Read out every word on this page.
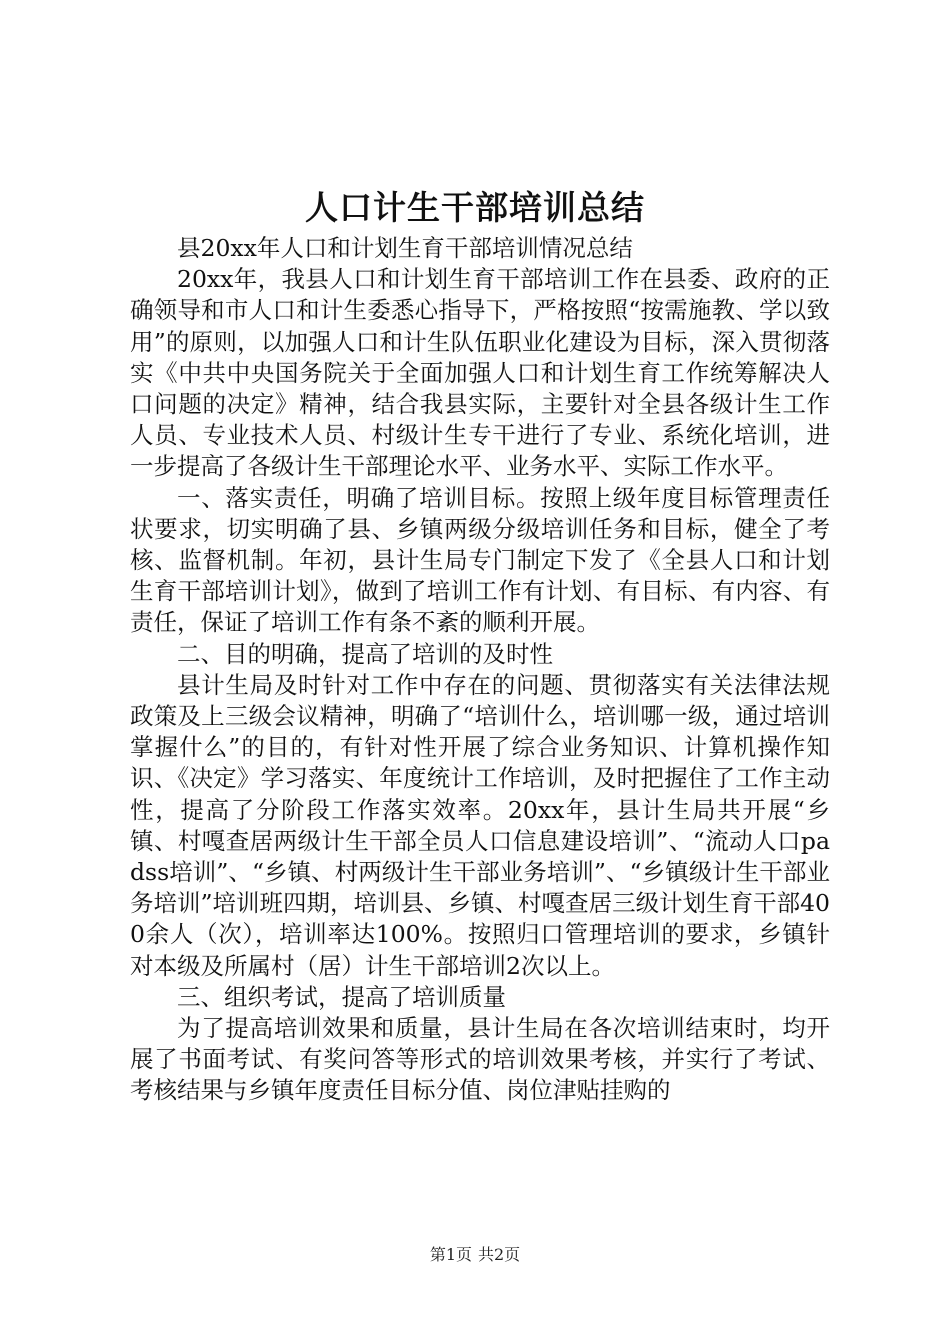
人口计生干部培训总结

县20xx年人口和计划生育干部培训情况总结

20xx年，我县人口和计划生育干部培训工作在县委、政府的正确领导和市人口和计生委悉心指导下，严格按照“按需施教、学以致用”的原则，以加强人口和计生队伍职业化建设为目标，深入贯彻落实《中共中央国务院关于全面加强人口和计划生育工作统筹解决人口问题的决定》精神，结合我县实际，主要针对全县各级计生工作人员、专业技术人员、村级计生专干进行了专业、系统化培训，进一步提高了各级计生干部理论水平、业务水平、实际工作水平。

一、落实责任，明确了培训目标。按照上级年度目标管理责任状要求，切实明确了县、乡镇两级分级培训任务和目标，健全了考核、监督机制。年初，县计生局专门制定下发了《全县人口和计划生育干部培训计划》，做到了培训工作有计划、有目标、有内容、有责任，保证了培训工作有条不紊的顺利开展。

二、目的明确，提高了培训的及时性

县计生局及时针对工作中存在的问题、贯彻落实有关法律法规政策及上三级会议精神，明确了“培训什么，培训哪一级，通过培训掌握什么”的目的，有针对性开展了综合业务知识、计算机操作知识、《决定》学习落实、年度统计工作培训，及时把握住了工作主动性，提高了分阶段工作落实效率。20xx年，县计生局共开展“乡镇、村嘎查居两级计生干部全员人口信息建设培训”、“流动人口padss培训”、“乡镇、村两级计生干部业务培训”、“乡镇级计生干部业务培训”培训班四期，培训县、乡镇、村嘎查居三级计划生育干部400余人（次），培训率达100%。按照归口管理培训的要求，乡镇针对本级及所属村（居）计生干部培训2次以上。

三、组织考试，提高了培训质量

为了提高培训效果和质量，县计生局在各次培训结束时，均开展了书面考试、有奖问答等形式的培训效果考核，并实行了考试、考核结果与乡镇年度责任目标分值、岗位津贴挂购的

第1页 共2页
